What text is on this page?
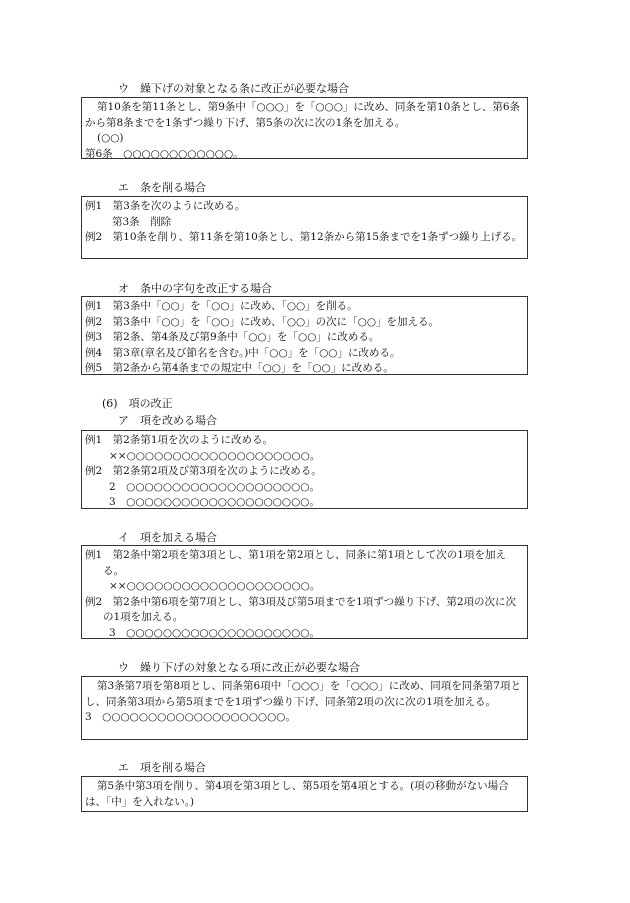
ウ　繰下げの対象となる条に改正が必要な場合
第10条を第11条とし、第9条中「○○○」を「○○○」に改め、同条を第10条とし、第6条から第8条までを1条ずつ繰り下げ、第5条の次に次の1条を加える。
(○○)
第6条　○○○○○○○○○○○○。
エ　条を削る場合
例1　第3条を次のように改める。
第3条　削除
例2　第10条を削り、第11条を第10条とし、第12条から第15条までを1条ずつ繰り上げる。
オ　条中の字句を改正する場合
例1　第3条中「○○」を「○○」に改め、「○○」を削る。
例2　第3条中「○○」を「○○」に改め、「○○」の次に「○○」を加える。
例3　第2条、第4条及び第9条中「○○」を「○○」に改める。
例4　第3章(章名及び節名を含む。)中「○○」を「○○」に改める。
例5　第2条から第4条までの規定中「○○」を「○○」に改める。
(6)　項の改正
ア　項を改める場合
例1　第2条第1項を次のように改める。
××○○○○○○○○○○○○○○○○○○○○。
例2　第2条第2項及び第3項を次のように改める。
2　○○○○○○○○○○○○○○○○○○○○。
3　○○○○○○○○○○○○○○○○○○○○。
イ　項を加える場合
例1　第2条中第2項を第3項とし、第1項を第2項とし、同条に第1項として次の1項を加える。
××○○○○○○○○○○○○○○○○○○○○。
例2　第2条中第6項を第7項とし、第3項及び第5項までを1項ずつ繰り下げ、第2項の次に次の1項を加える。
3　○○○○○○○○○○○○○○○○○○○○。
ウ　繰り下げの対象となる項に改正が必要な場合
第3条第7項を第8項とし、同条第6項中「○○○」を「○○○」に改め、同項を同条第7項とし、同条第3項から第5項までを1項ずつ繰り下げ、同条第2項の次に次の1項を加える。
3　○○○○○○○○○○○○○○○○○○○○。
エ　項を削る場合
第5条中第3項を削り、第4項を第3項とし、第5項を第4項とする。(項の移動がない場合は、「中」を入れない。)
